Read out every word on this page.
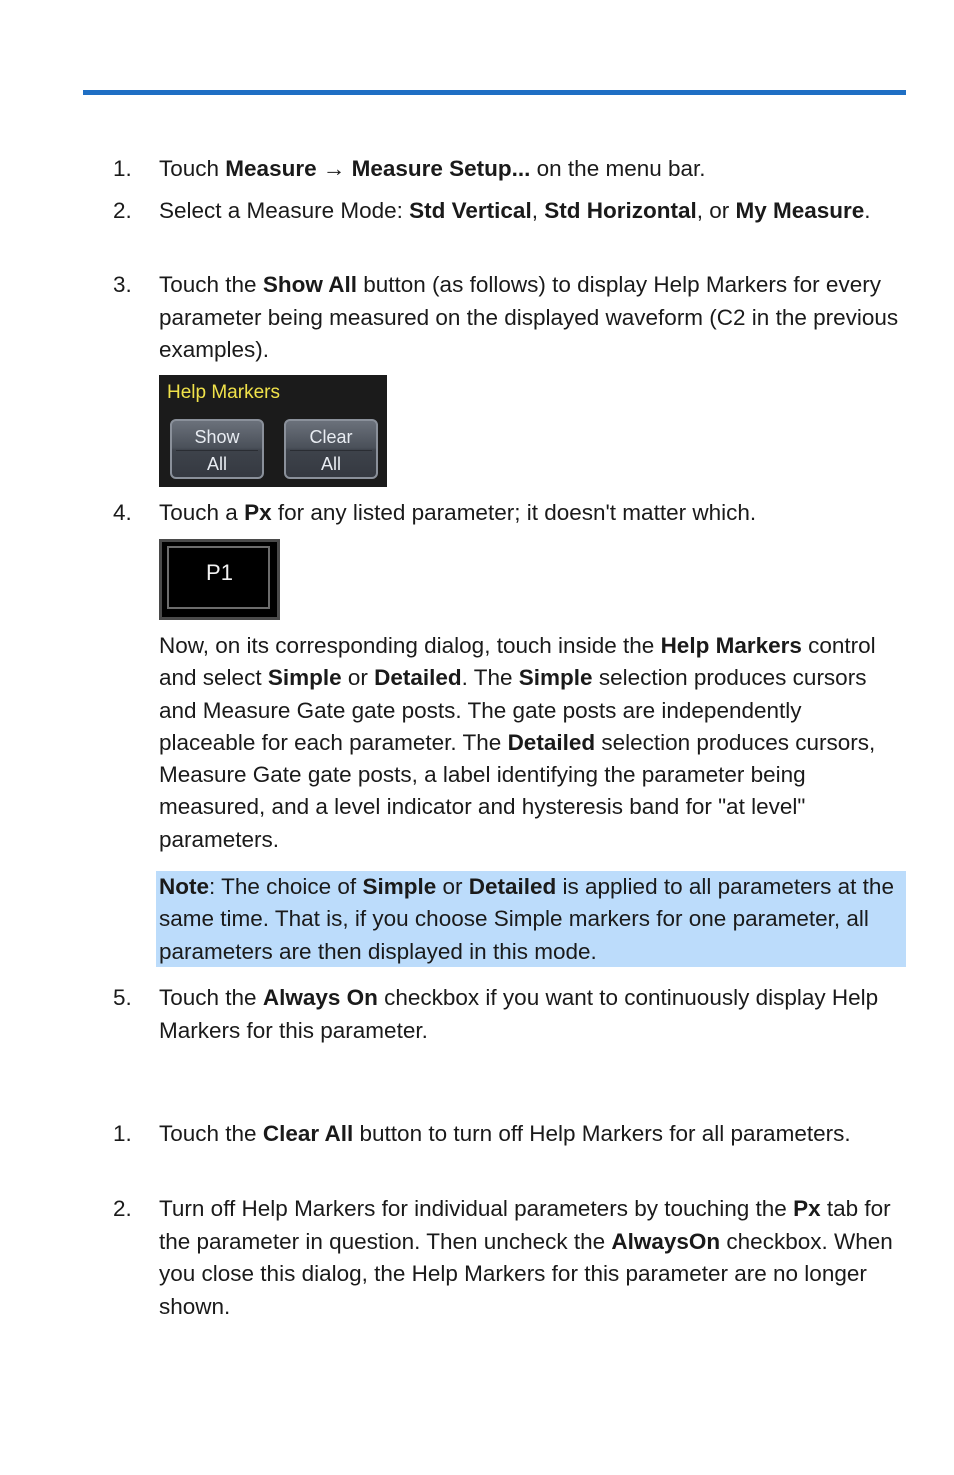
1.	Touch Measure → Measure Setup... on the menu bar.
2.	Select a Measure Mode: Std Vertical, Std Horizontal, or My Measure.
3.	Touch the Show All button (as follows) to display Help Markers for every parameter being measured on the displayed waveform (C2 in the previous examples).
Help Markers
Show
All
Clear
All
4.	Touch a Px for any listed parameter; it doesn't matter which.
P1
Now, on its corresponding dialog, touch inside the Help Markers control and select Simple or Detailed. The Simple selection produces cursors and Measure Gate gate posts. The gate posts are independently placeable for each parameter. The Detailed selection produces cursors, Measure Gate gate posts, a label identifying the parameter being measured, and a level indicator and hysteresis band for "at level" parameters.
Note: The choice of Simple or Detailed is applied to all parameters at the same time. That is, if you choose Simple markers for one parameter, all parameters are then displayed in this mode.
5.	Touch the Always On checkbox if you want to continuously display Help Markers for this parameter.
1.	Touch the Clear All button to turn off Help Markers for all parameters.
2.	Turn off Help Markers for individual parameters by touching the Px tab for the parameter in question. Then uncheck the AlwaysOn checkbox. When you close this dialog, the Help Markers for this parameter are no longer shown.
